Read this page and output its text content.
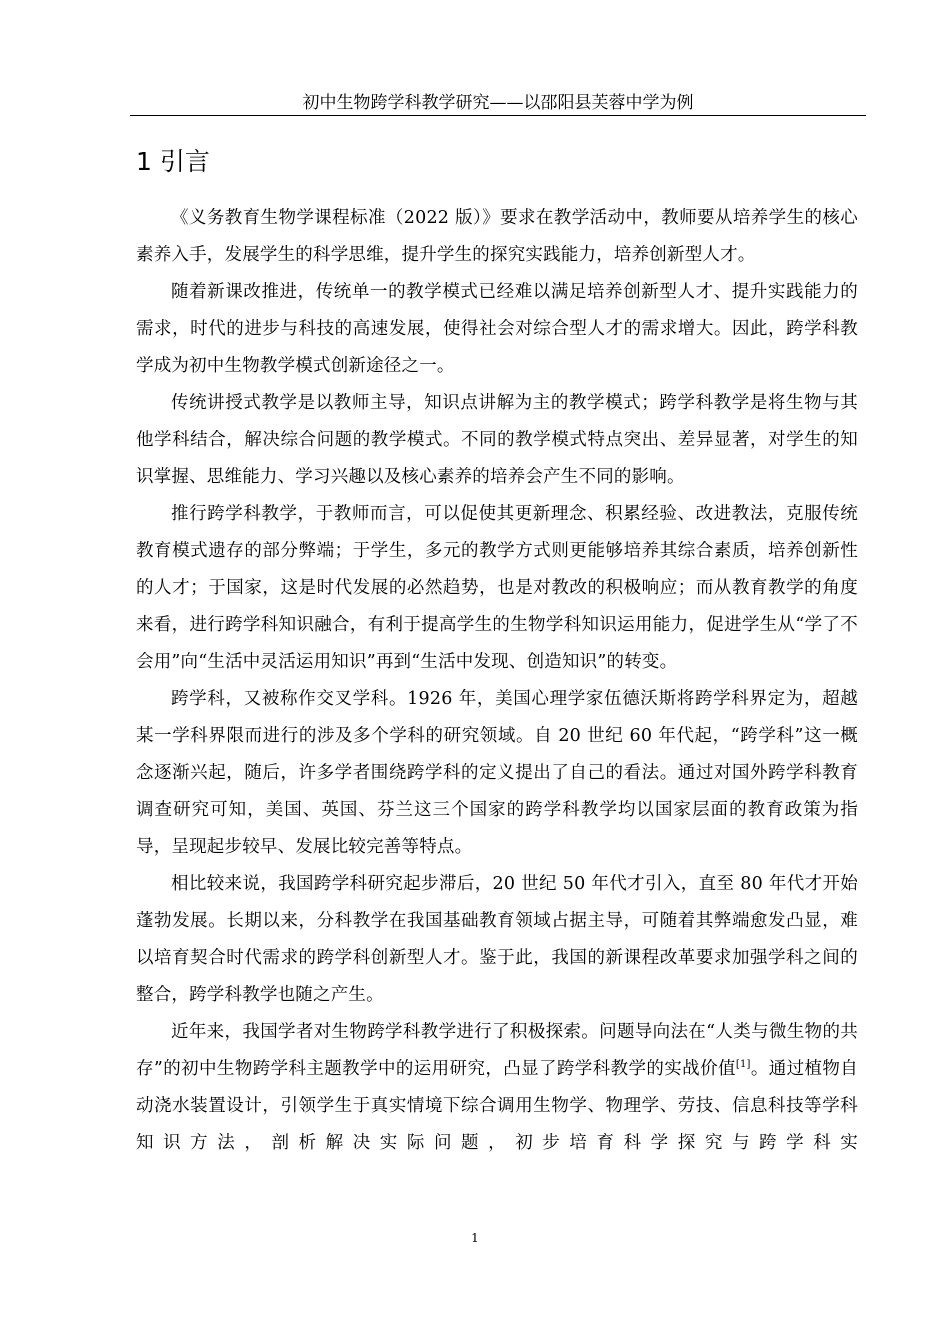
初中生物跨学科教学研究——以邵阳县芙蓉中学为例
1 引言

《义务教育生物学课程标准（2022 版）》要求在教学活动中，教师要从培养学生的核心素养入手，发展学生的科学思维，提升学生的探究实践能力，培养创新型人才。

随着新课改推进，传统单一的教学模式已经难以满足培养创新型人才、提升实践能力的需求，时代的进步与科技的高速发展，使得社会对综合型人才的需求增大。因此，跨学科教学成为初中生物教学模式创新途径之一。

传统讲授式教学是以教师主导，知识点讲解为主的教学模式；跨学科教学是将生物与其他学科结合，解决综合问题的教学模式。不同的教学模式特点突出、差异显著，对学生的知识掌握、思维能力、学习兴趣以及核心素养的培养会产生不同的影响。

推行跨学科教学，于教师而言，可以促使其更新理念、积累经验、改进教法，克服传统教育模式遗存的部分弊端；于学生，多元的教学方式则更能够培养其综合素质，培养创新性的人才；于国家，这是时代发展的必然趋势，也是对教改的积极响应；而从教育教学的角度来看，进行跨学科知识融合，有利于提高学生的生物学科知识运用能力，促进学生从“学了不会用”向“生活中灵活运用知识”再到“生活中发现、创造知识”的转变。

跨学科，又被称作交叉学科。1926 年，美国心理学家伍德沃斯将跨学科界定为，超越某一学科界限而进行的涉及多个学科的研究领域。自 20 世纪 60 年代起，“跨学科”这一概念逐渐兴起，随后，许多学者围绕跨学科的定义提出了自己的看法。通过对国外跨学科教育调查研究可知，美国、英国、芬兰这三个国家的跨学科教学均以国家层面的教育政策为指导，呈现起步较早、发展比较完善等特点。

相比较来说，我国跨学科研究起步滞后，20 世纪 50 年代才引入，直至 80 年代才开始蓬勃发展。长期以来，分科教学在我国基础教育领域占据主导，可随着其弊端愈发凸显，难以培育契合时代需求的跨学科创新型人才。鉴于此，我国的新课程改革要求加强学科之间的整合，跨学科教学也随之产生。

近年来，我国学者对生物跨学科教学进行了积极探索。问题导向法在“人类与微生物的共存”的初中生物跨学科主题教学中的运用研究，凸显了跨学科教学的实战价值[1]。通过植物自动浇水装置设计，引领学生于真实情境下综合调用生物学、物理学、劳技、信息科技等学科知识方法，剖析解决实际问题，初步培育科学探究与跨学科实

1
